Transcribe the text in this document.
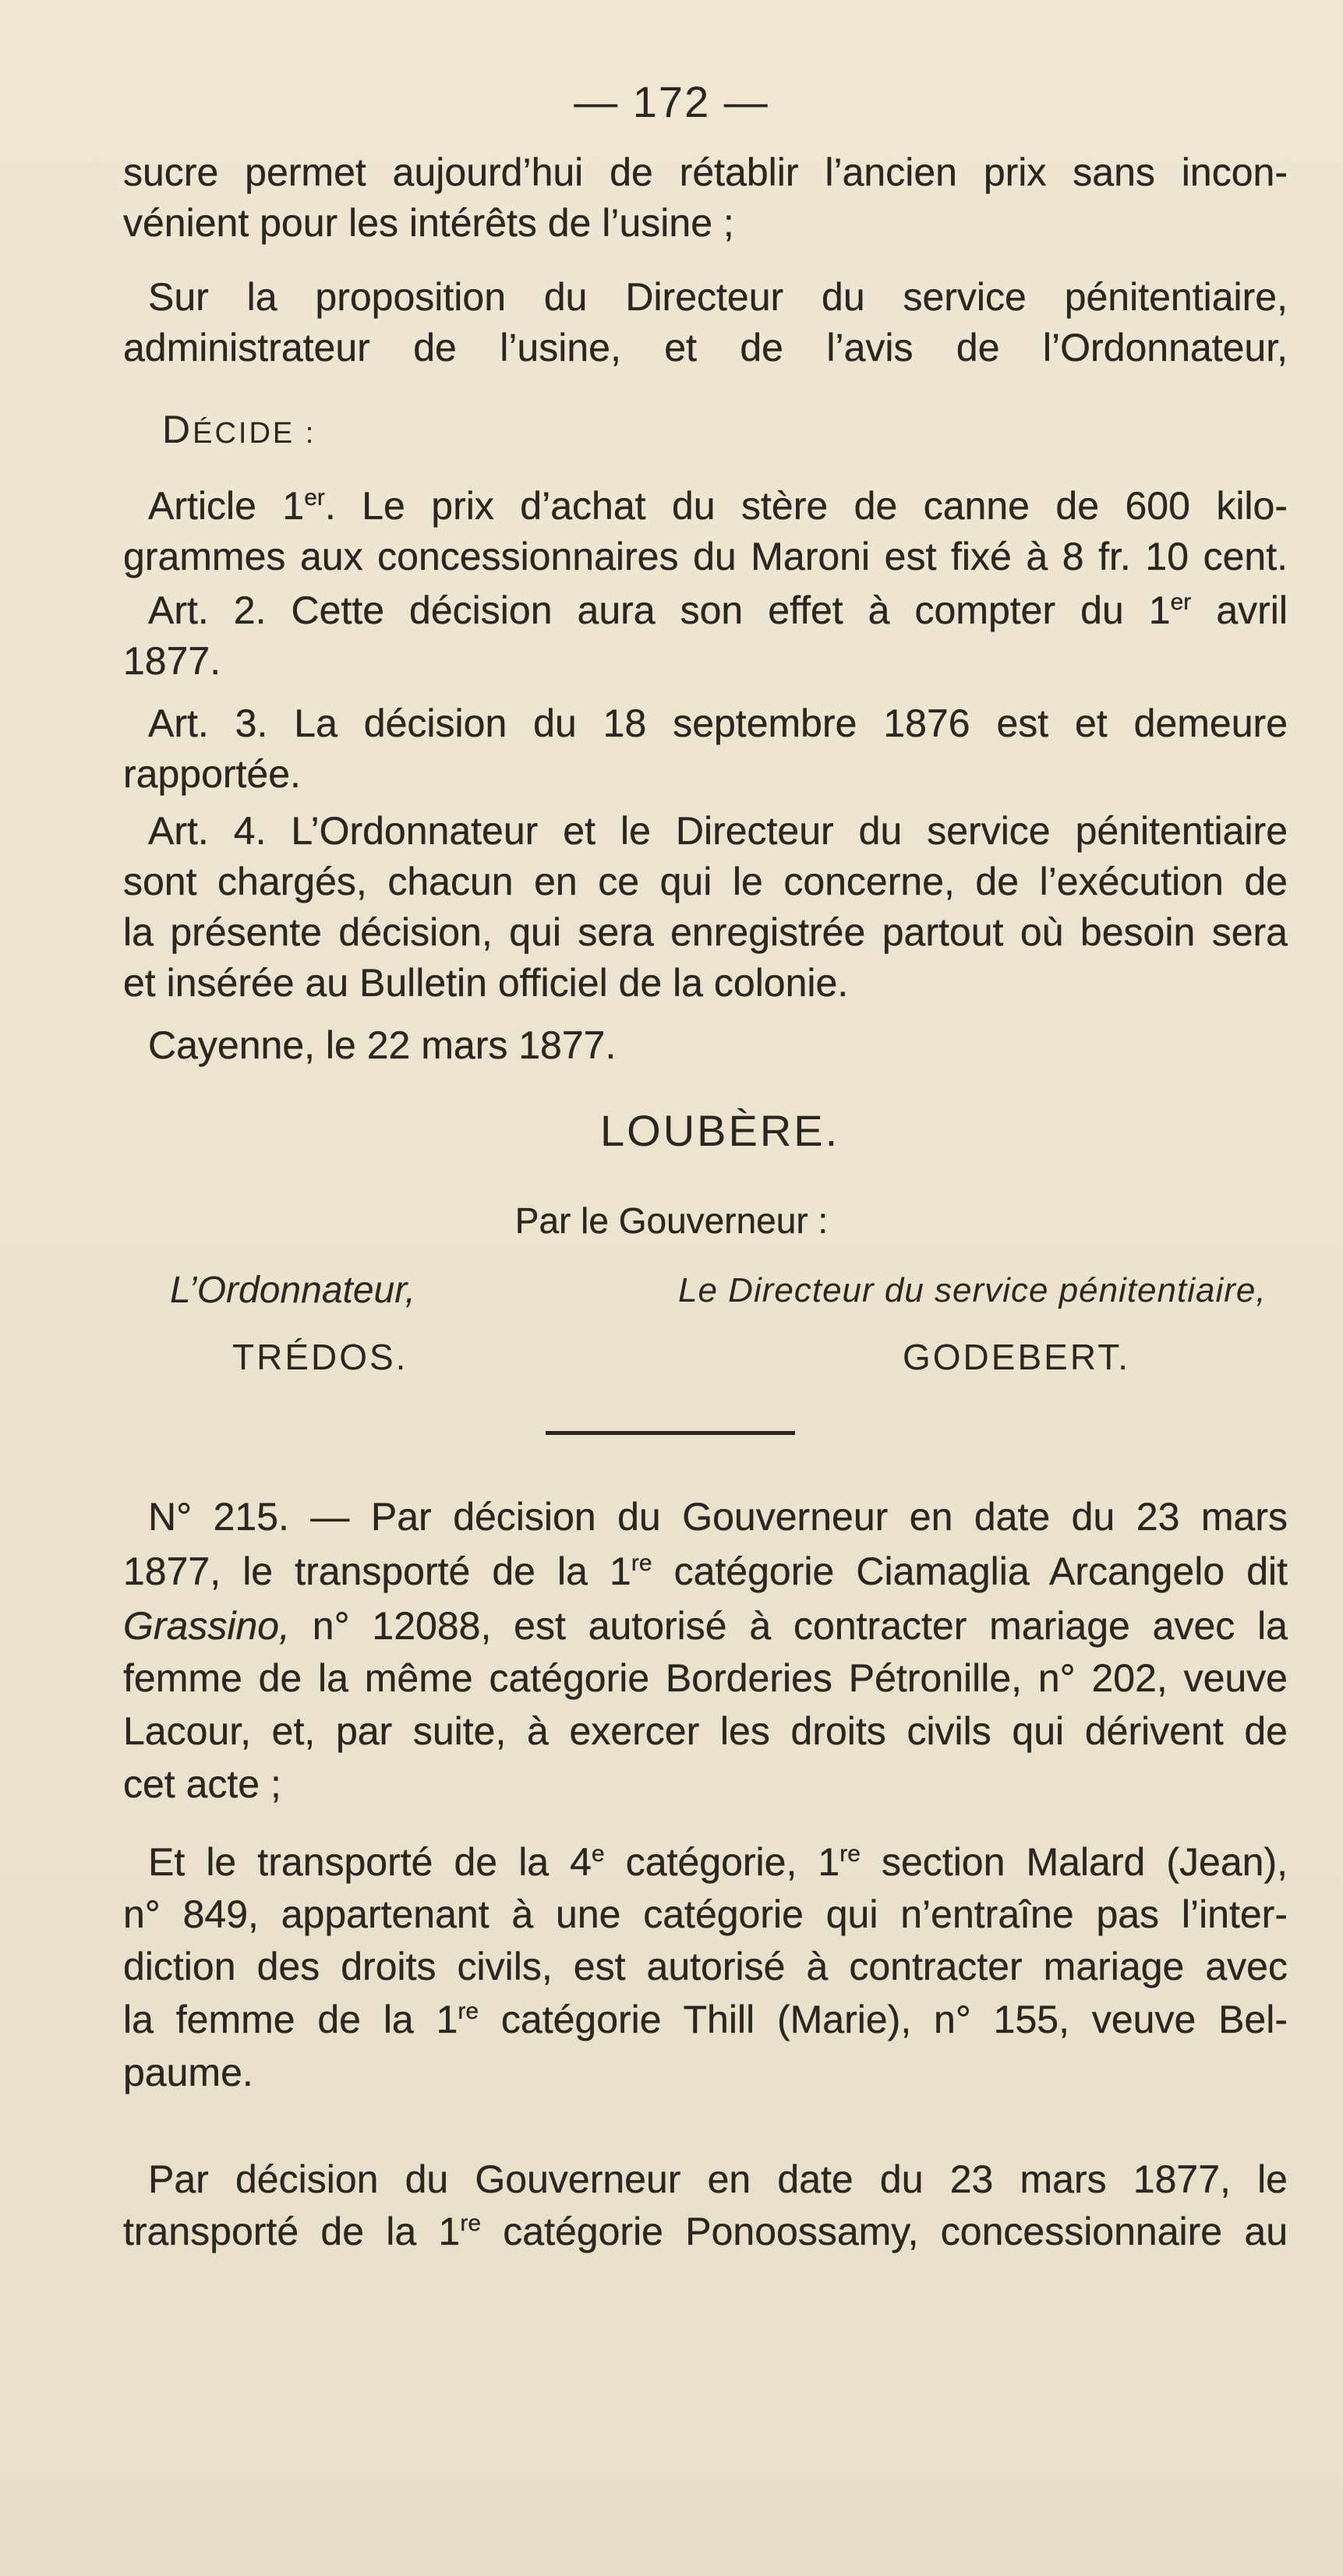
— 172 —
sucre permet aujourd’hui de rétablir l’ancien prix sans incon-
vénient pour les intérêts de l’usine ;
Sur la proposition du Directeur du service pénitentiaire,
administrateur de l’usine, et de l’avis de l’Ordonnateur,
DÉCIDE :
Article 1er. Le prix d’achat du stère de canne de 600 kilo-
grammes aux concessionnaires du Maroni est fixé à 8 fr. 10 cent.
Art. 2. Cette décision aura son effet à compter du 1er avril
1877.
Art. 3. La décision du 18 septembre 1876 est et demeure
rapportée.
Art. 4. L’Ordonnateur et le Directeur du service pénitentiaire
sont chargés, chacun en ce qui le concerne, de l’exécution de
la présente décision, qui sera enregistrée partout où besoin sera
et insérée au Bulletin officiel de la colonie.
Cayenne, le 22 mars 1877.
LOUBÈRE.
Par le Gouverneur :
L’Ordonnateur,	Le Directeur du service pénitentiaire,
TRÉDOS.	GODEBERT.
N° 215. — Par décision du Gouverneur en date du 23 mars
1877, le transporté de la 1re catégorie Ciamaglia Arcangelo dit
Grassino, n° 12088, est autorisé à contracter mariage avec la
femme de la même catégorie Borderies Pétronille, n° 202, veuve
Lacour, et, par suite, à exercer les droits civils qui dérivent de
cet acte ;
Et le transporté de la 4e catégorie, 1re section Malard (Jean),
n° 849, appartenant à une catégorie qui n’entraîne pas l’inter-
diction des droits civils, est autorisé à contracter mariage avec
la femme de la 1re catégorie Thill (Marie), n° 155, veuve Bel-
paume.
Par décision du Gouverneur en date du 23 mars 1877, le
transporté de la 1re catégorie Ponoossamy, concessionnaire au
